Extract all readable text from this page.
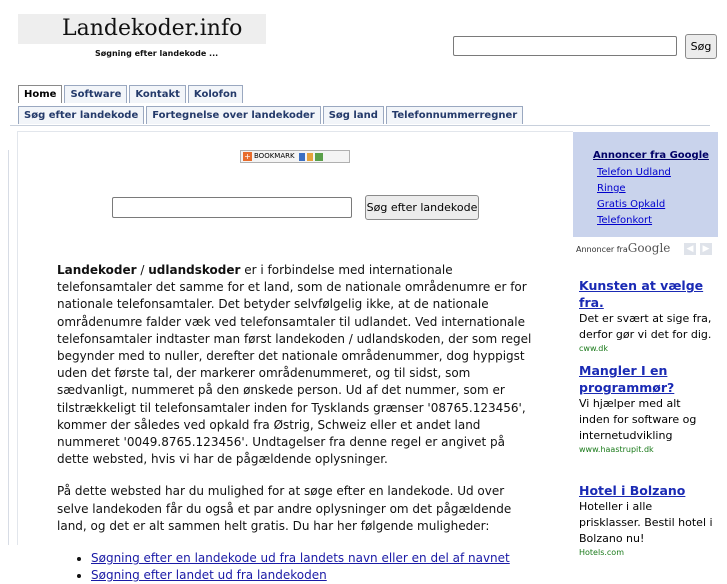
Landekoder.info
Søgning efter landekode ...
Søg
Home	Software	Kontakt	Kolofon
Søg efter landekode	Fortegnelse over landekoder	Søg land	Telefonnummerregner
+ BOOKMARK
Søg efter landekode

Landekoder / udlandskoder er i forbindelse med internationale telefonsamtaler det samme for et land, som de nationale områdenumre er for nationale telefonsamtaler. Det betyder selvfølgelig ikke, at de nationale områdenumre falder væk ved telefonsamtaler til udlandet. Ved internationale telefonsamtaler indtaster man først landekoden / udlandskoden, der som regel begynder med to nuller, derefter det nationale områdenummer, dog hyppigst uden det første tal, der markerer områdenummeret, og til sidst, som sædvanligt, nummeret på den ønskede person. Ud af det nummer, som er tilstrækkeligt til telefonsamtaler inden for Tysklands grænser '08765.123456', kommer der således ved opkald fra Østrig, Schweiz eller et andet land nummeret '0049.8765.123456'. Undtagelser fra denne regel er angivet på dette websted, hvis vi har de pågældende oplysninger.

På dette websted har du mulighed for at søge efter en landekode. Ud over selve landekoden får du også et par andre oplysninger om det pågældende land, og det er alt sammen helt gratis. Du har her følgende muligheder:

• Søgning efter en landekode ud fra landets navn eller en del af navnet
• Søgning efter landet ud fra landekoden
Annoncer fra Google
Telefon Udland
Ringe
Gratis Opkald
Telefonkort
Annoncer fraGoogle ◀ ▶
Kunsten at vælge fra.
Det er svært at sige fra, derfor gør vi det for dig.
cww.dk
Mangler I en programmør?
Vi hjælper med alt inden for software og internetudvikling
www.haastrupit.dk
Hotel i Bolzano
Hoteller i alle prisklasser. Bestil hotel i Bolzano nu!
Hotels.com
